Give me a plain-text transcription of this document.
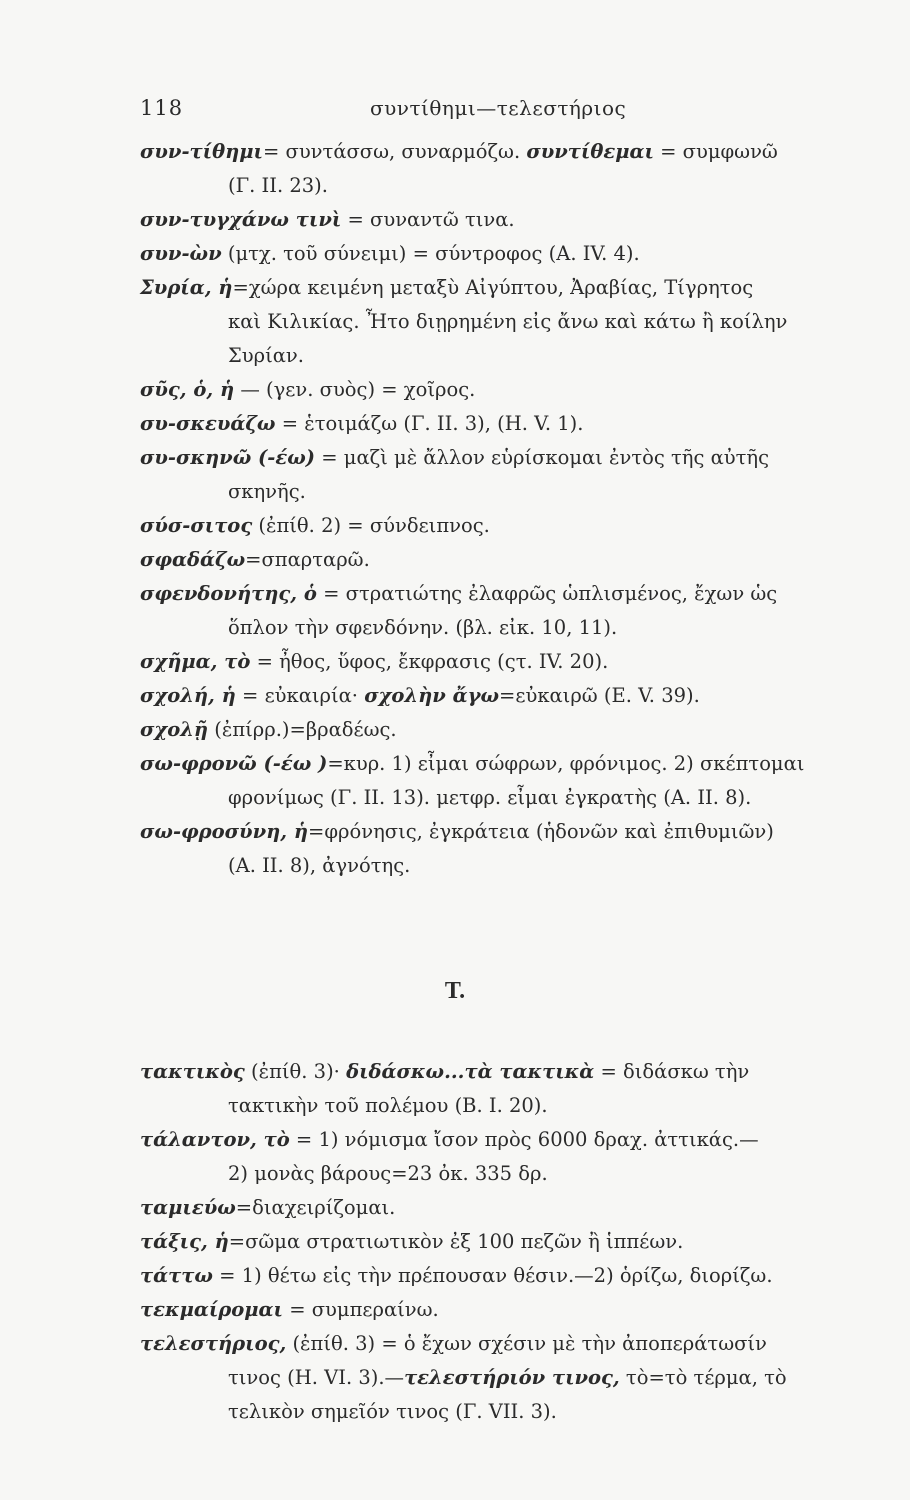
118	συντίθημι—τελεστήριος

συν-τίθημι= συντάσσω, συναρμόζω. συντίθεμαι = συμφωνῶ
(Γ. II. 23).

συν-τυγχάνω τινὶ = συναντῶ τινα.

συν-ὼν (μτχ. τοῦ σύνειμι) = σύντροφος (Α. IV. 4).

Συρία, ἡ=χώρα κειμένη μεταξὺ Αἰγύπτου, Ἀραβίας, Τίγρητος
καὶ Κιλικίας. Ἦτο διῃρημένη εἰς ἄνω καὶ κάτω ἢ κοίλην
Συρίαν.

σῦς, ὁ, ἡ — (γεν. συὸς) = χοῖρος.

συ-σκευάζω = ἑτοιμάζω (Γ. II. 3), (Η. V. 1).

συ-σκηνῶ (-έω) = μαζὶ μὲ ἄλλον εὑρίσκομαι ἐντὸς τῆς αὐτῆς
σκηνῆς.

σύσ-σιτος (ἐπίθ. 2) = σύνδειπνος.

σφαδάζω=σπαρταρῶ.

σφενδονήτης, ὁ = στρατιώτης ἐλαφρῶς ὡπλισμένος, ἔχων ὡς
ὅπλον τὴν σφενδόνην. (βλ. εἰκ. 10, 11).

σχῆμα, τὸ = ἦθος, ὕφος, ἔκφρασις (ςτ. IV. 20).

σχολή, ἡ = εὐκαιρία· σχολὴν ἄγω=εὐκαιρῶ (Ε. V. 39).

σχολῇ (ἐπίρρ.)=βραδέως.

σω-φρονῶ (-έω )=κυρ. 1) εἶμαι σώφρων, φρόνιμος. 2) σκέπτομαι
φρονίμως (Γ. II. 13). μετφρ. εἶμαι ἐγκρατὴς (Α. II. 8).

σω-φροσύνη, ἡ=φρόνησις, ἐγκράτεια (ἡδονῶν καὶ ἐπιθυμιῶν)
(Α. II. 8), ἀγνότης.

Τ.

τακτικὸς (ἐπίθ. 3)· διδάσκω...τὰ τακτικὰ = διδάσκω τὴν
τακτικὴν τοῦ πολέμου (Β. I. 20).

τάλαντον, τὸ = 1) νόμισμα ἴσον πρὸς 6000 δραχ. ἀττικάς.—
2) μονὰς βάρους=23 ὀκ. 335 δρ.

ταμιεύω=διαχειρίζομαι.

τάξις, ἡ=σῶμα στρατιωτικὸν ἐξ 100 πεζῶν ἢ ἱππέων.

τάττω = 1) θέτω εἰς τὴν πρέπουσαν θέσιν.—2) ὁρίζω, διορίζω.

τεκμαίρομαι = συμπεραίνω.

τελεστήριος, (ἐπίθ. 3) = ὁ ἔχων σχέσιν μὲ τὴν ἀποπεράτωσίν
τινος (Η. VI. 3).—τελεστήριόν τινος, τὸ=τὸ τέρμα, τὸ
τελικὸν σημεῖόν τινος (Γ. VII. 3).
